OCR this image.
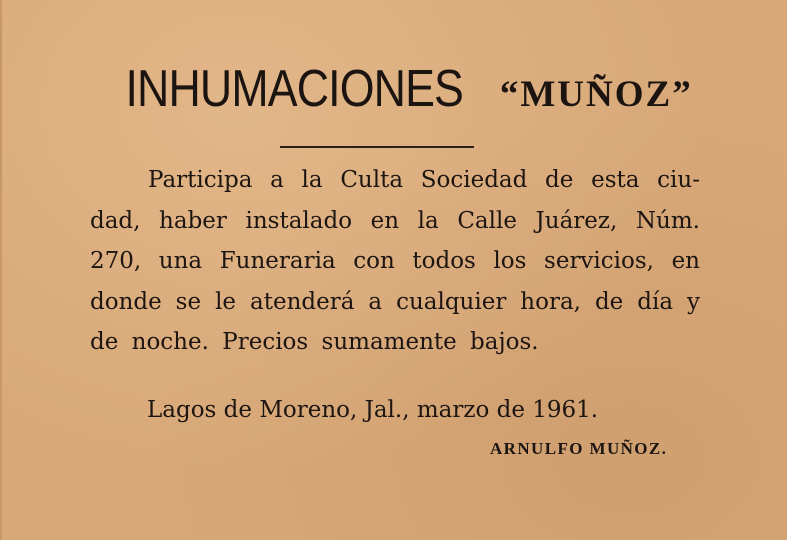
INHUMACIONES “MUÑOZ”
Participa a la Culta Sociedad de esta ciu-
dad, haber instalado en la Calle Juárez, Núm.
270, una Funeraria con todos los servicios, en
donde se le atenderá a cualquier hora, de día y
de noche. Precios sumamente bajos.
Lagos de Moreno, Jal., marzo de 1961.
ARNULFO MUÑOZ.
